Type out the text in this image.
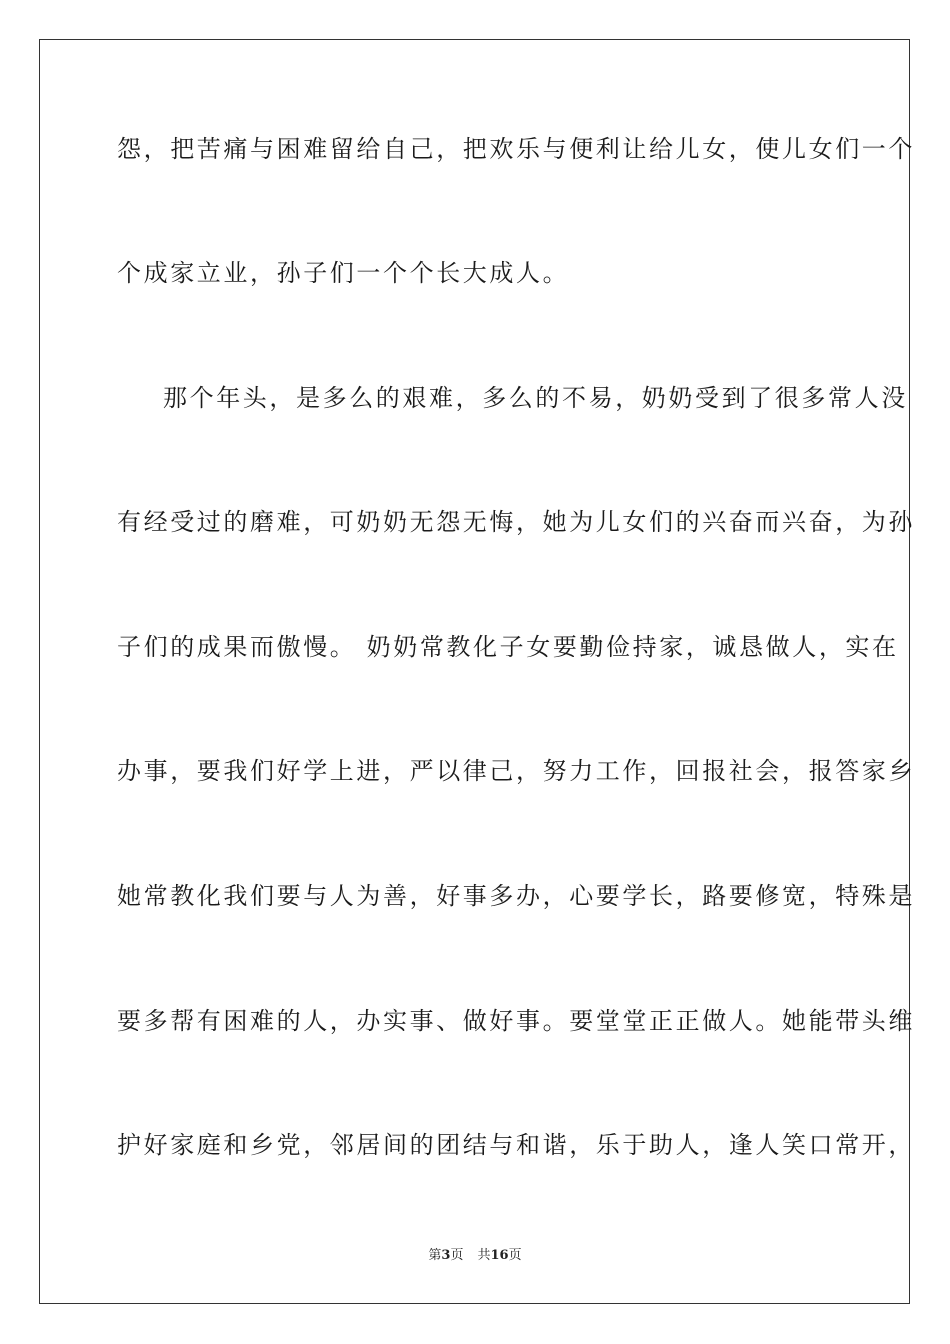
怨，把苦痛与困难留给自己，把欢乐与便利让给儿女，使儿女们一个
个成家立业，孙子们一个个长大成人。
那个年头，是多么的艰难，多么的不易，奶奶受到了很多常人没
有经受过的磨难，可奶奶无怨无悔，她为儿女们的兴奋而兴奋，为孙
子们的成果而傲慢。 奶奶常教化子女要勤俭持家，诚恳做人，实在
办事，要我们好学上进，严以律己，努力工作，回报社会，报答家乡
她常教化我们要与人为善，好事多办，心要学长，路要修宽，特殊是
要多帮有困难的人，办实事、做好事。要堂堂正正做人。她能带头维
护好家庭和乡党，邻居间的团结与和谐，乐于助人，逢人笑口常开，
第3页 共16页
